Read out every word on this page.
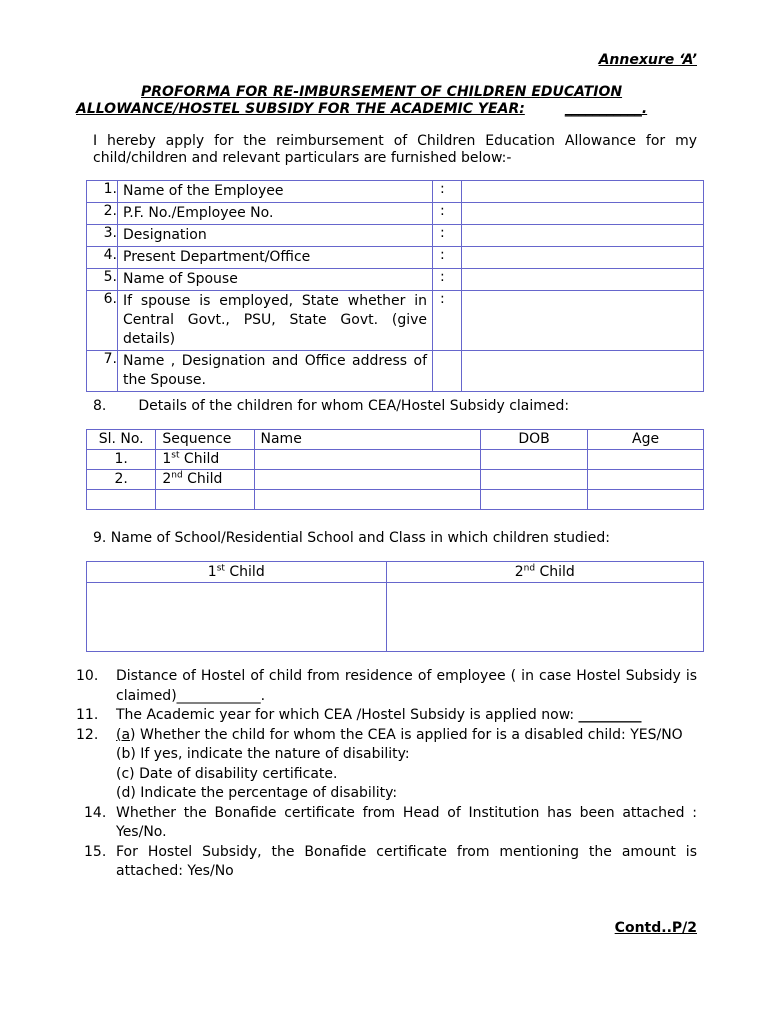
Annexure ‘A’
PROFORMA FOR RE-IMBURSEMENT OF CHILDREN EDUCATION
ALLOWANCE/HOSTEL SUBSIDY FOR THE ACADEMIC YEAR:	___________.
I hereby apply for the reimbursement of Children Education Allowance for my child/children and relevant particulars are furnished below:-
1.	Name of the Employee	:	
2.	P.F. No./Employee No.	:	
3.	Designation	:	
4.	Present Department/Office	:	
5.	Name of Spouse	:	
6.	If spouse is employed, State whether in Central Govt., PSU, State Govt. (give details)	:	
7.	Name , Designation and Office address of the Spouse.		
8. Details of the children for whom CEA/Hostel Subsidy claimed:
Sl. No.	Sequence	Name	DOB	Age
1.	1st Child			
2.	2nd Child			

9. Name of School/Residential School and Class in which children studied:
1st Child	2nd Child

10.	Distance of Hostel of child from residence of employee ( in case Hostel Subsidy is claimed)____________.
11.	The Academic year for which CEA /Hostel Subsidy is applied now: _________
12.	(a) Whether the child for whom the CEA is applied for is a disabled child: YES/NO

(b) If yes, indicate the nature of disability:

(c) Date of disability certificate.

(d) Indicate the percentage of disability:

14. Whether the Bonafide certificate from Head of Institution has been attached : Yes/No.
15. For Hostel Subsidy, the Bonafide certificate from mentioning the amount is attached: Yes/No
Contd..P/2
